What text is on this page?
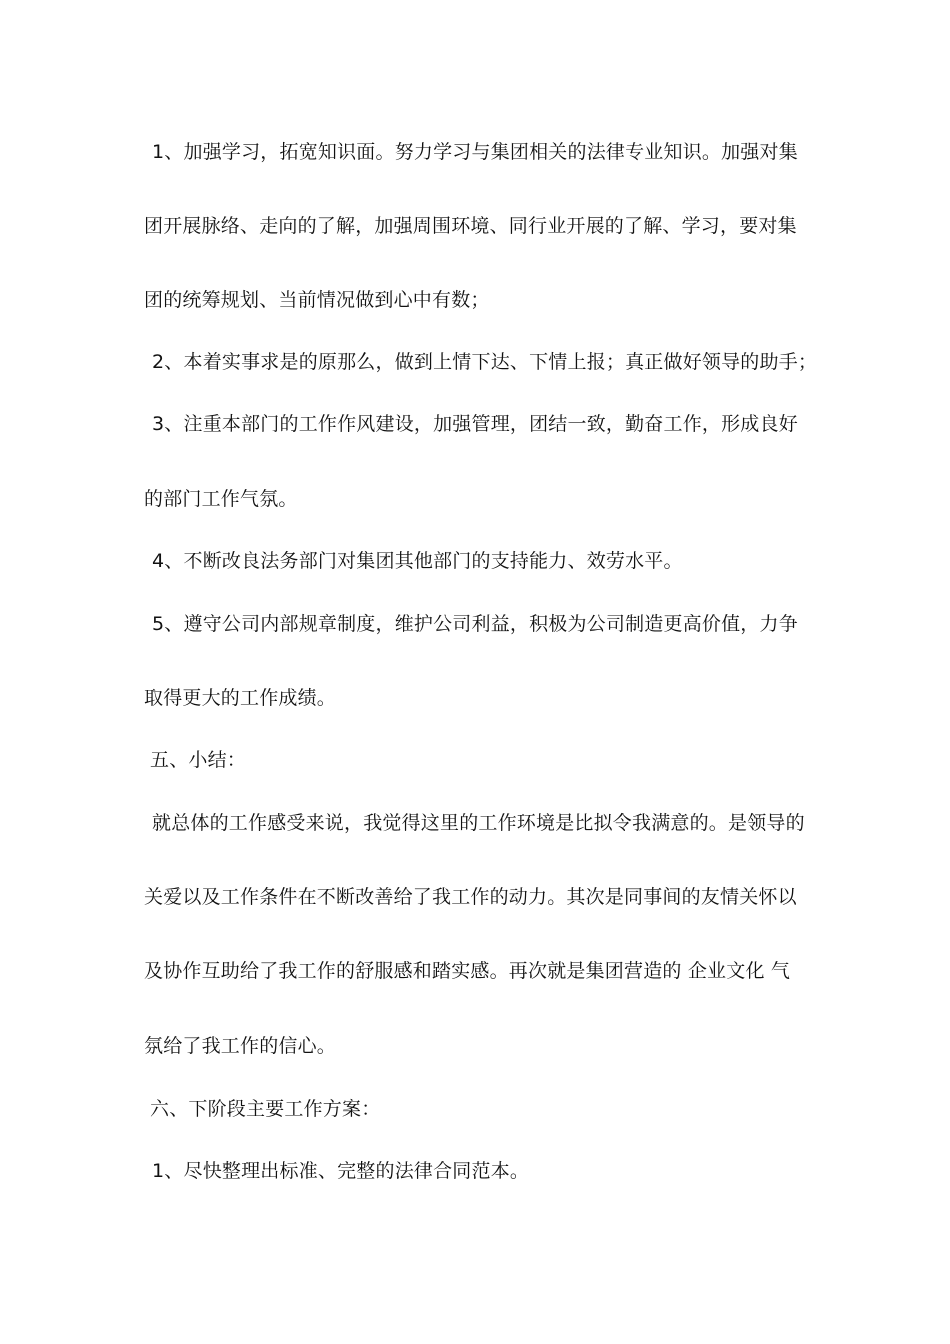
1、加强学习，拓宽知识面。努力学习与集团相关的法律专业知识。加强对集
团开展脉络、走向的了解，加强周围环境、同行业开展的了解、学习，要对集
团的统筹规划、当前情况做到心中有数；
2、本着实事求是的原那么，做到上情下达、下情上报；真正做好领导的助手；
3、注重本部门的工作作风建设，加强管理，团结一致，勤奋工作，形成良好
的部门工作气氛。
4、不断改良法务部门对集团其他部门的支持能力、效劳水平。
5、遵守公司内部规章制度，维护公司利益，积极为公司制造更高价值，力争
取得更大的工作成绩。
五、小结：
就总体的工作感受来说，我觉得这里的工作环境是比拟令我满意的。是领导的
关爱以及工作条件在不断改善给了我工作的动力。其次是同事间的友情关怀以
及协作互助给了我工作的舒服感和踏实感。再次就是集团营造的 企业文化 气
氛给了我工作的信心。
六、下阶段主要工作方案：
1、尽快整理出标准、完整的法律合同范本。
